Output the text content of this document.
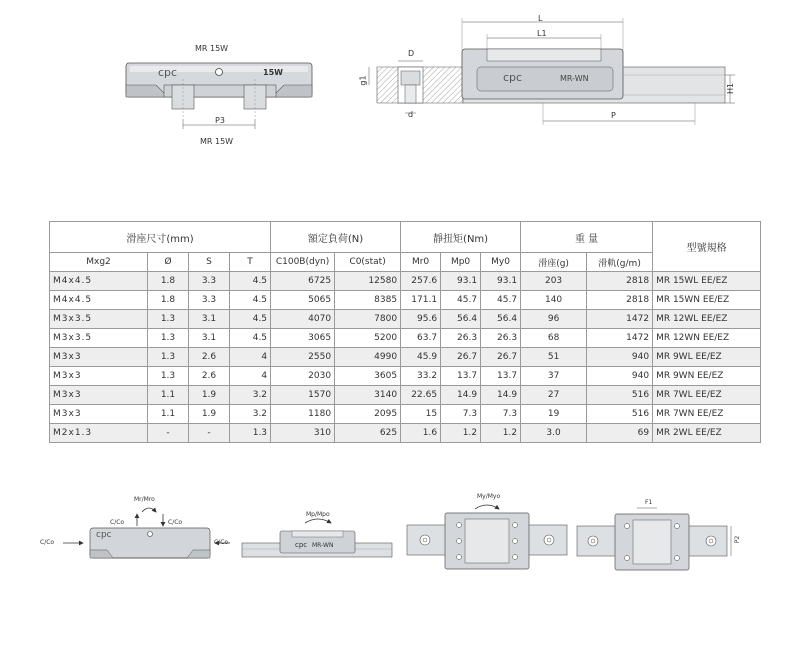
MR 15W
cpc	15W
P3
MR 15W
L
L1
D
g1
d
H1
P
cpc	MR-WN
滑座尺寸(mm)				額定負荷(N)		靜扭矩(Nm)			重 量		型號規格
Mxg2	Ø	S	T	C100B(dyn)	C0(stat)	Mr0	Mp0	My0	滑座(g)	滑軌(g/m)	
M4x4.5	1.8	3.3	4.5	6725	12580	257.6	93.1	93.1	203	2818	MR 15WL EE/EZ
M4x4.5	1.8	3.3	4.5	5065	8385	171.1	45.7	45.7	140	2818	MR 15WN EE/EZ
M3x3.5	1.3	3.1	4.5	4070	7800	95.6	56.4	56.4	96	1472	MR 12WL EE/EZ
M3x3.5	1.3	3.1	4.5	3065	5200	63.7	26.3	26.3	68	1472	MR 12WN EE/EZ
M3x3	1.3	2.6	4	2550	4990	45.9	26.7	26.7	51	940	MR 9WL EE/EZ
M3x3	1.3	2.6	4	2030	3605	33.2	13.7	13.7	37	940	MR 9WN EE/EZ
M3x3	1.1	1.9	3.2	1570	3140	22.65	14.9	14.9	27	516	MR 7WL EE/EZ
M3x3	1.1	1.9	3.2	1180	2095	15	7.3	7.3	19	516	MR 7WN EE/EZ
M2x1.3	-	-	1.3	310	625	1.6	1.2	1.2	3.0	69	MR 2WL EE/EZ
Mr/Mro
C/Co	C/Co
C/Co	C/Co
cpc
Mp/Mpo
cpc MR-WN
My/Myo
F1
P2
